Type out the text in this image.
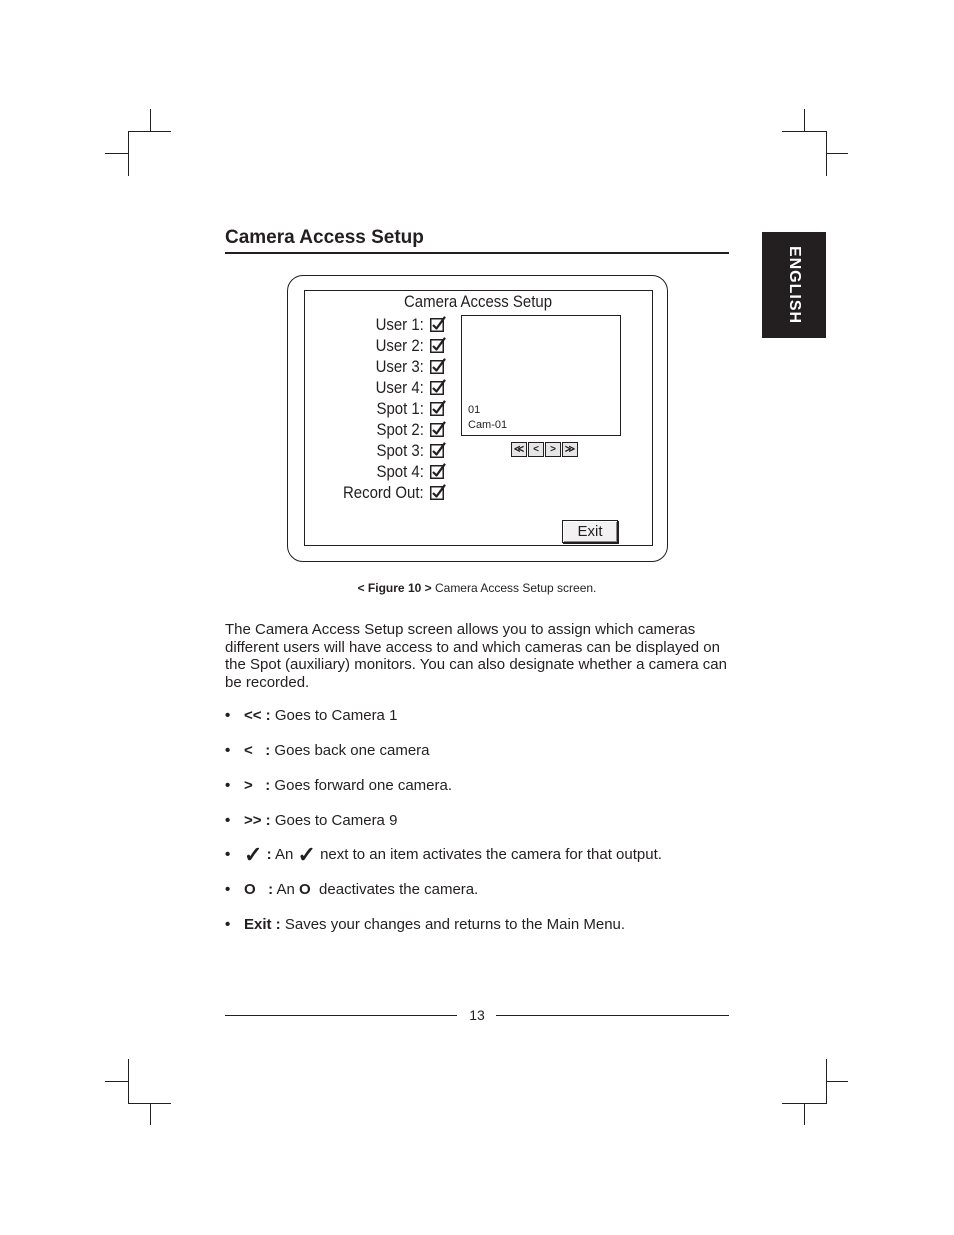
ENGLISH
Camera Access Setup
Camera Access Setup
User 1:
User 2:
User 3:
User 4:
Spot 1:
Spot 2:
Spot 3:
Spot 4:
Record Out:
01
Cam-01
≪ <	> ≫
Exit
< Figure 10 > Camera Access Setup screen.
The Camera Access Setup screen allows you to assign which cameras different users will have access to and which cameras can be displayed on the Spot (auxiliary) monitors. You can also designate whether a camera can be recorded.
• << : Goes to Camera 1
• <   : Goes back one camera
• >   : Goes forward one camera.
• >> : Goes to Camera 9
• ✓ : An ✓ next to an item activates the camera for that output.
• O   : An O  deactivates the camera.
• Exit : Saves your changes and returns to the Main Menu.
13
